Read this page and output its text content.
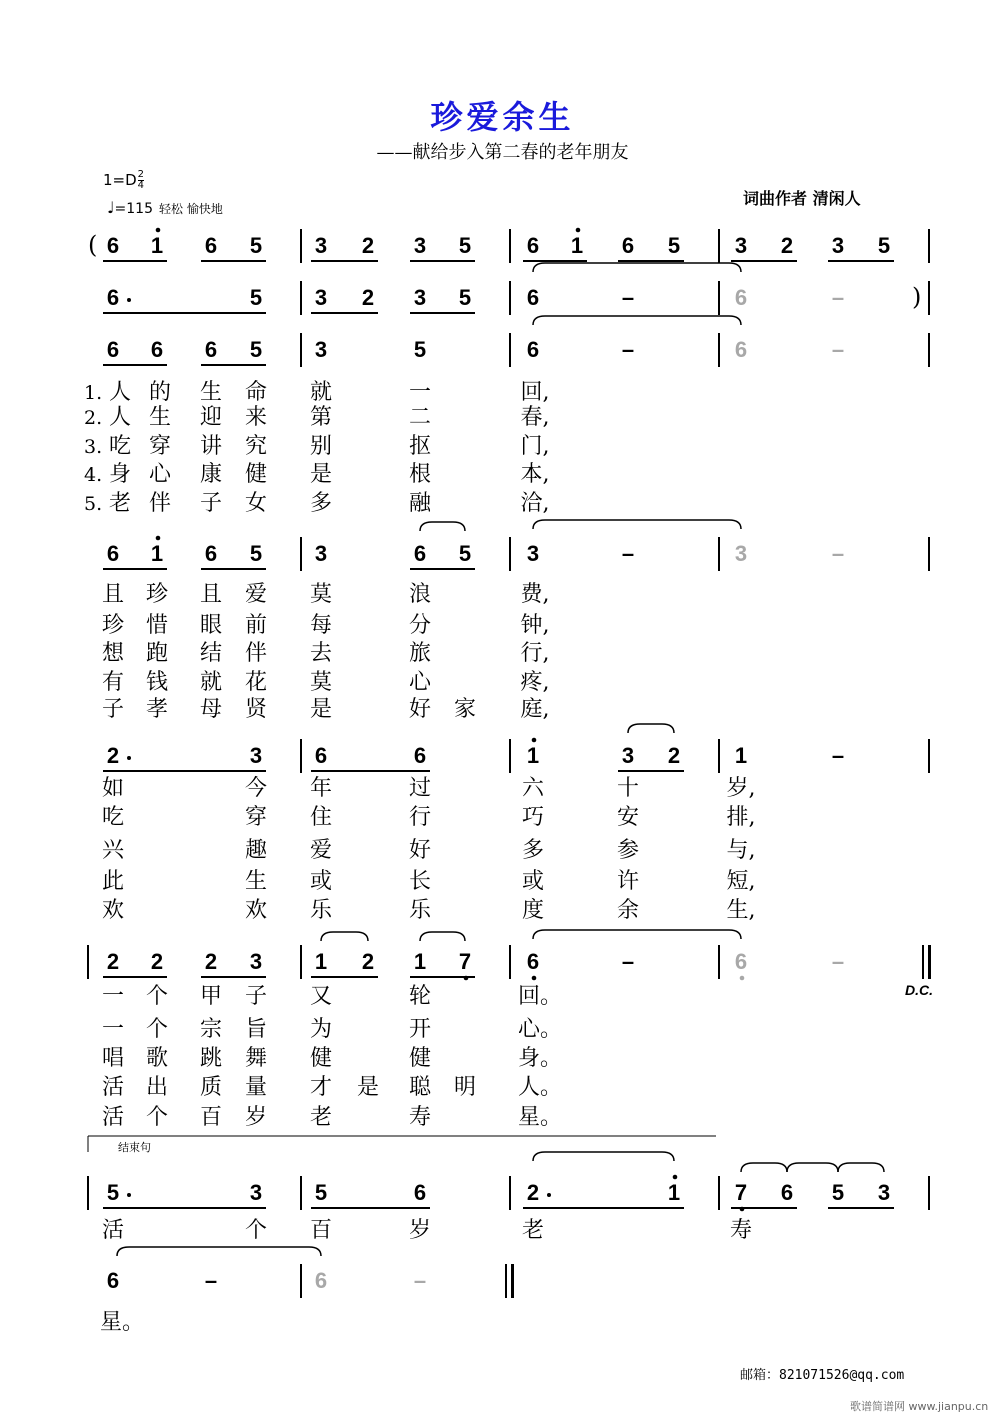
珍爱余生
——献给步入第二春的老年朋友
$1=D \frac{2}{4}$
♩=115 轻松 愉快地
词曲作者 清闲人
(
)
D.C.
结束句
邮箱：821071526@qq.com
歌谱简谱网 www.jianpu.cn
6	1	6	5	3	2	3	5	6	1	6	5	3	2	3	5
6	5	3	2	3	5	6	–	6	–
6	6	6	5	3	5	6	–	6	–
1. 人 的 生 命 就	一	回,
2. 人 生 迎 来 第	二	春,
3. 吃 穿 讲 究 别	抠	门,
4. 身 心 康 健 是	根	本,
5. 老 伴 子 女 多	融	洽,
6	1	6	5	3	6	5	3	–	3	–
且 珍 且 爱 莫	浪	费,
珍 惜 眼 前 每	分	钟,
想 跑 结 伴 去	旅	行,
有 钱 就 花 莫	心	疼,
子 孝 母 贤 是	好 家 庭,
2	3	6	6	1	3	2	1	–
如	今 年	过	六	十	岁,
吃	穿 住	行	巧	安	排,
兴	趣 爱	好	多	参	与,
此	生 或	长	或	许	短,
欢	欢 乐	乐	度	余	生,
2	2	2	3	1	2	1	7	6	–	6	–
一 个 甲 子 又	轮	回。
一 个 宗 旨 为	开	心。
唱 歌 跳 舞 健	健	身。
活 出 质 量 才 是 聪 明 人。
活 个 百 岁 老	寿	星。
5	3	5	6	2	1	7	6	5	3
活	个 百	岁	老	寿
6	–	6	–
星。
